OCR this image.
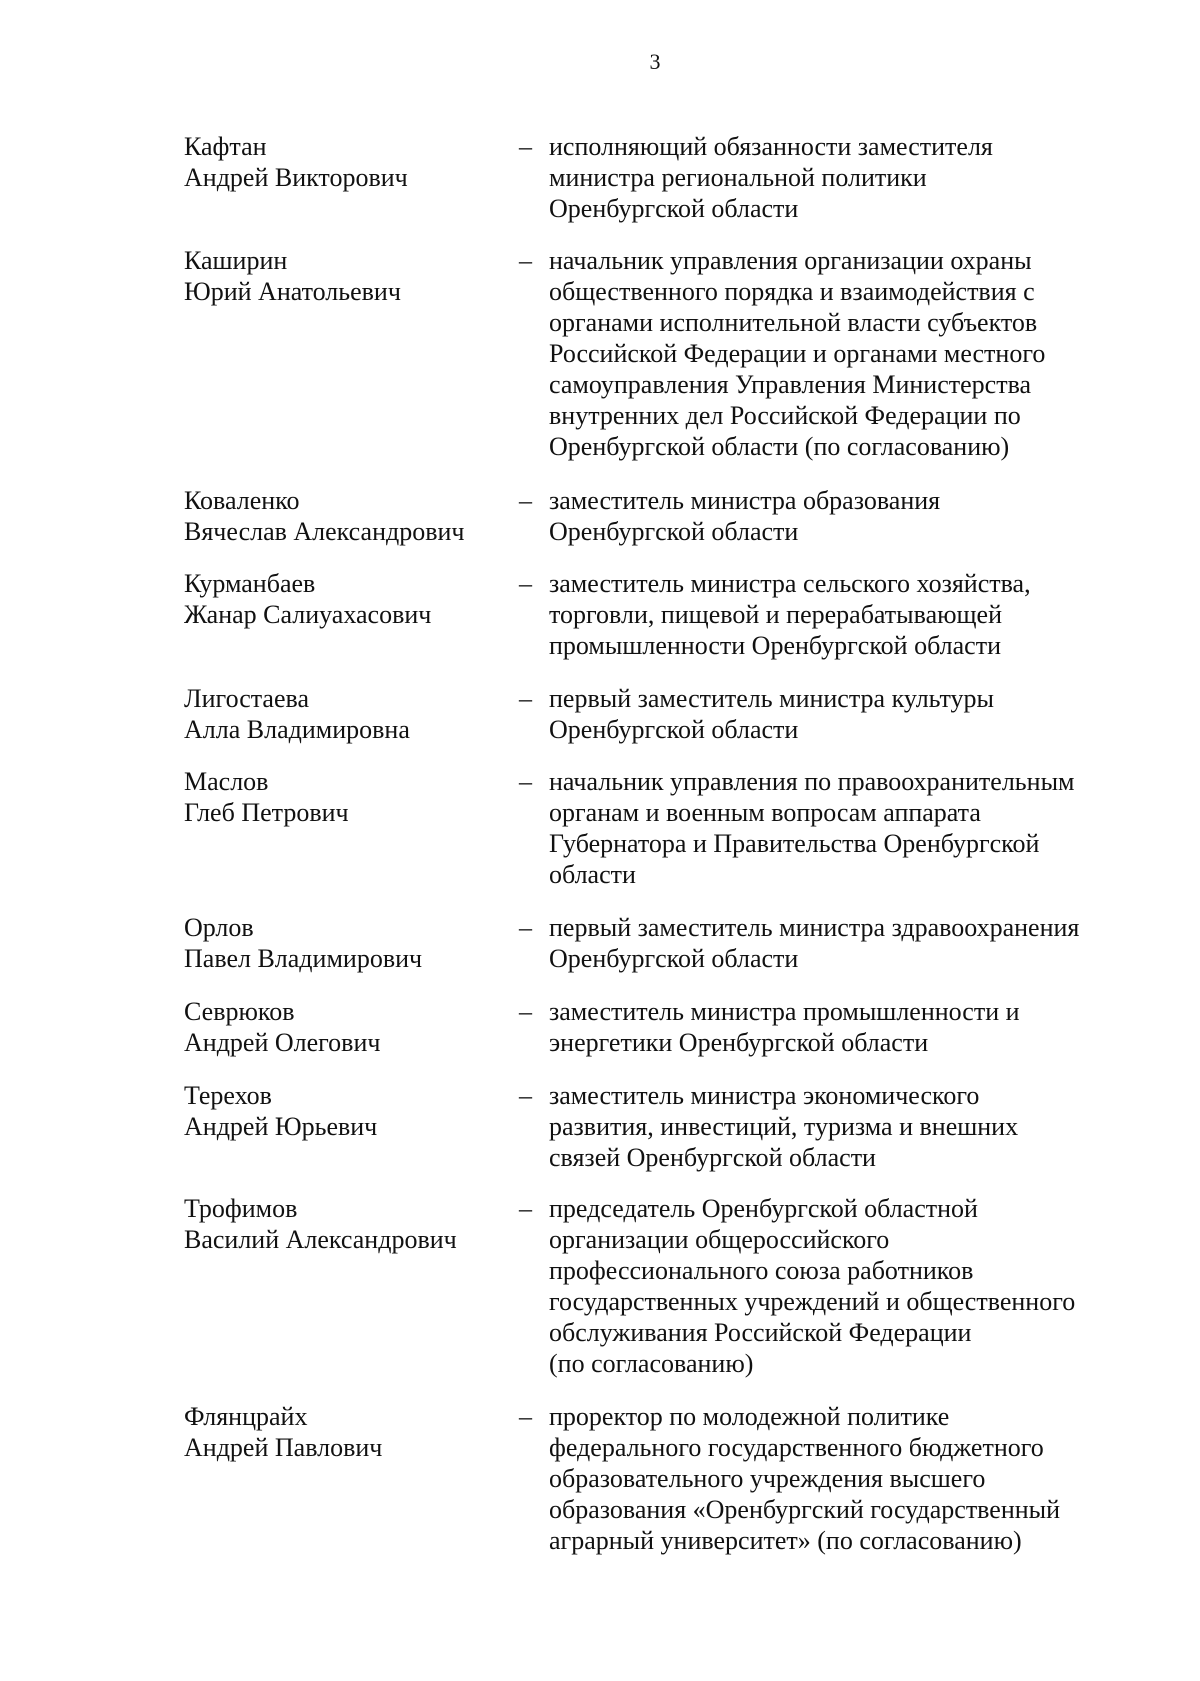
3
Кафтан
Андрей Викторович
– исполняющий обязанности заместителя
министра региональной политики
Оренбургской области
Каширин
Юрий Анатольевич
– начальник управления организации охраны
общественного порядка и взаимодействия с
органами исполнительной власти субъектов
Российской Федерации и органами местного
самоуправления Управления Министерства
внутренних дел Российской Федерации по
Оренбургской области (по согласованию)
Коваленко
Вячеслав Александрович
– заместитель министра образования
Оренбургской области
Курманбаев
Жанар Салиуахасович
– заместитель министра сельского хозяйства,
торговли, пищевой и перерабатывающей
промышленности Оренбургской области
Лигостаева
Алла Владимировна
– первый заместитель министра культуры
Оренбургской области
Маслов
Глеб Петрович
– начальник управления по правоохранительным
органам и военным вопросам аппарата
Губернатора и Правительства Оренбургской
области
Орлов
Павел Владимирович
– первый заместитель министра здравоохранения
Оренбургской области
Севрюков
Андрей Олегович
– заместитель министра промышленности и
энергетики Оренбургской области
Терехов
Андрей Юрьевич
– заместитель министра экономического
развития, инвестиций, туризма и внешних
связей Оренбургской области
Трофимов
Василий Александрович
– председатель Оренбургской областной
организации общероссийского
профессионального союза работников
государственных учреждений и общественного
обслуживания Российской Федерации
(по согласованию)
Флянцрайх
Андрей Павлович
– проректор по молодежной политике
федерального государственного бюджетного
образовательного учреждения высшего
образования «Оренбургский государственный
аграрный университет» (по согласованию)
